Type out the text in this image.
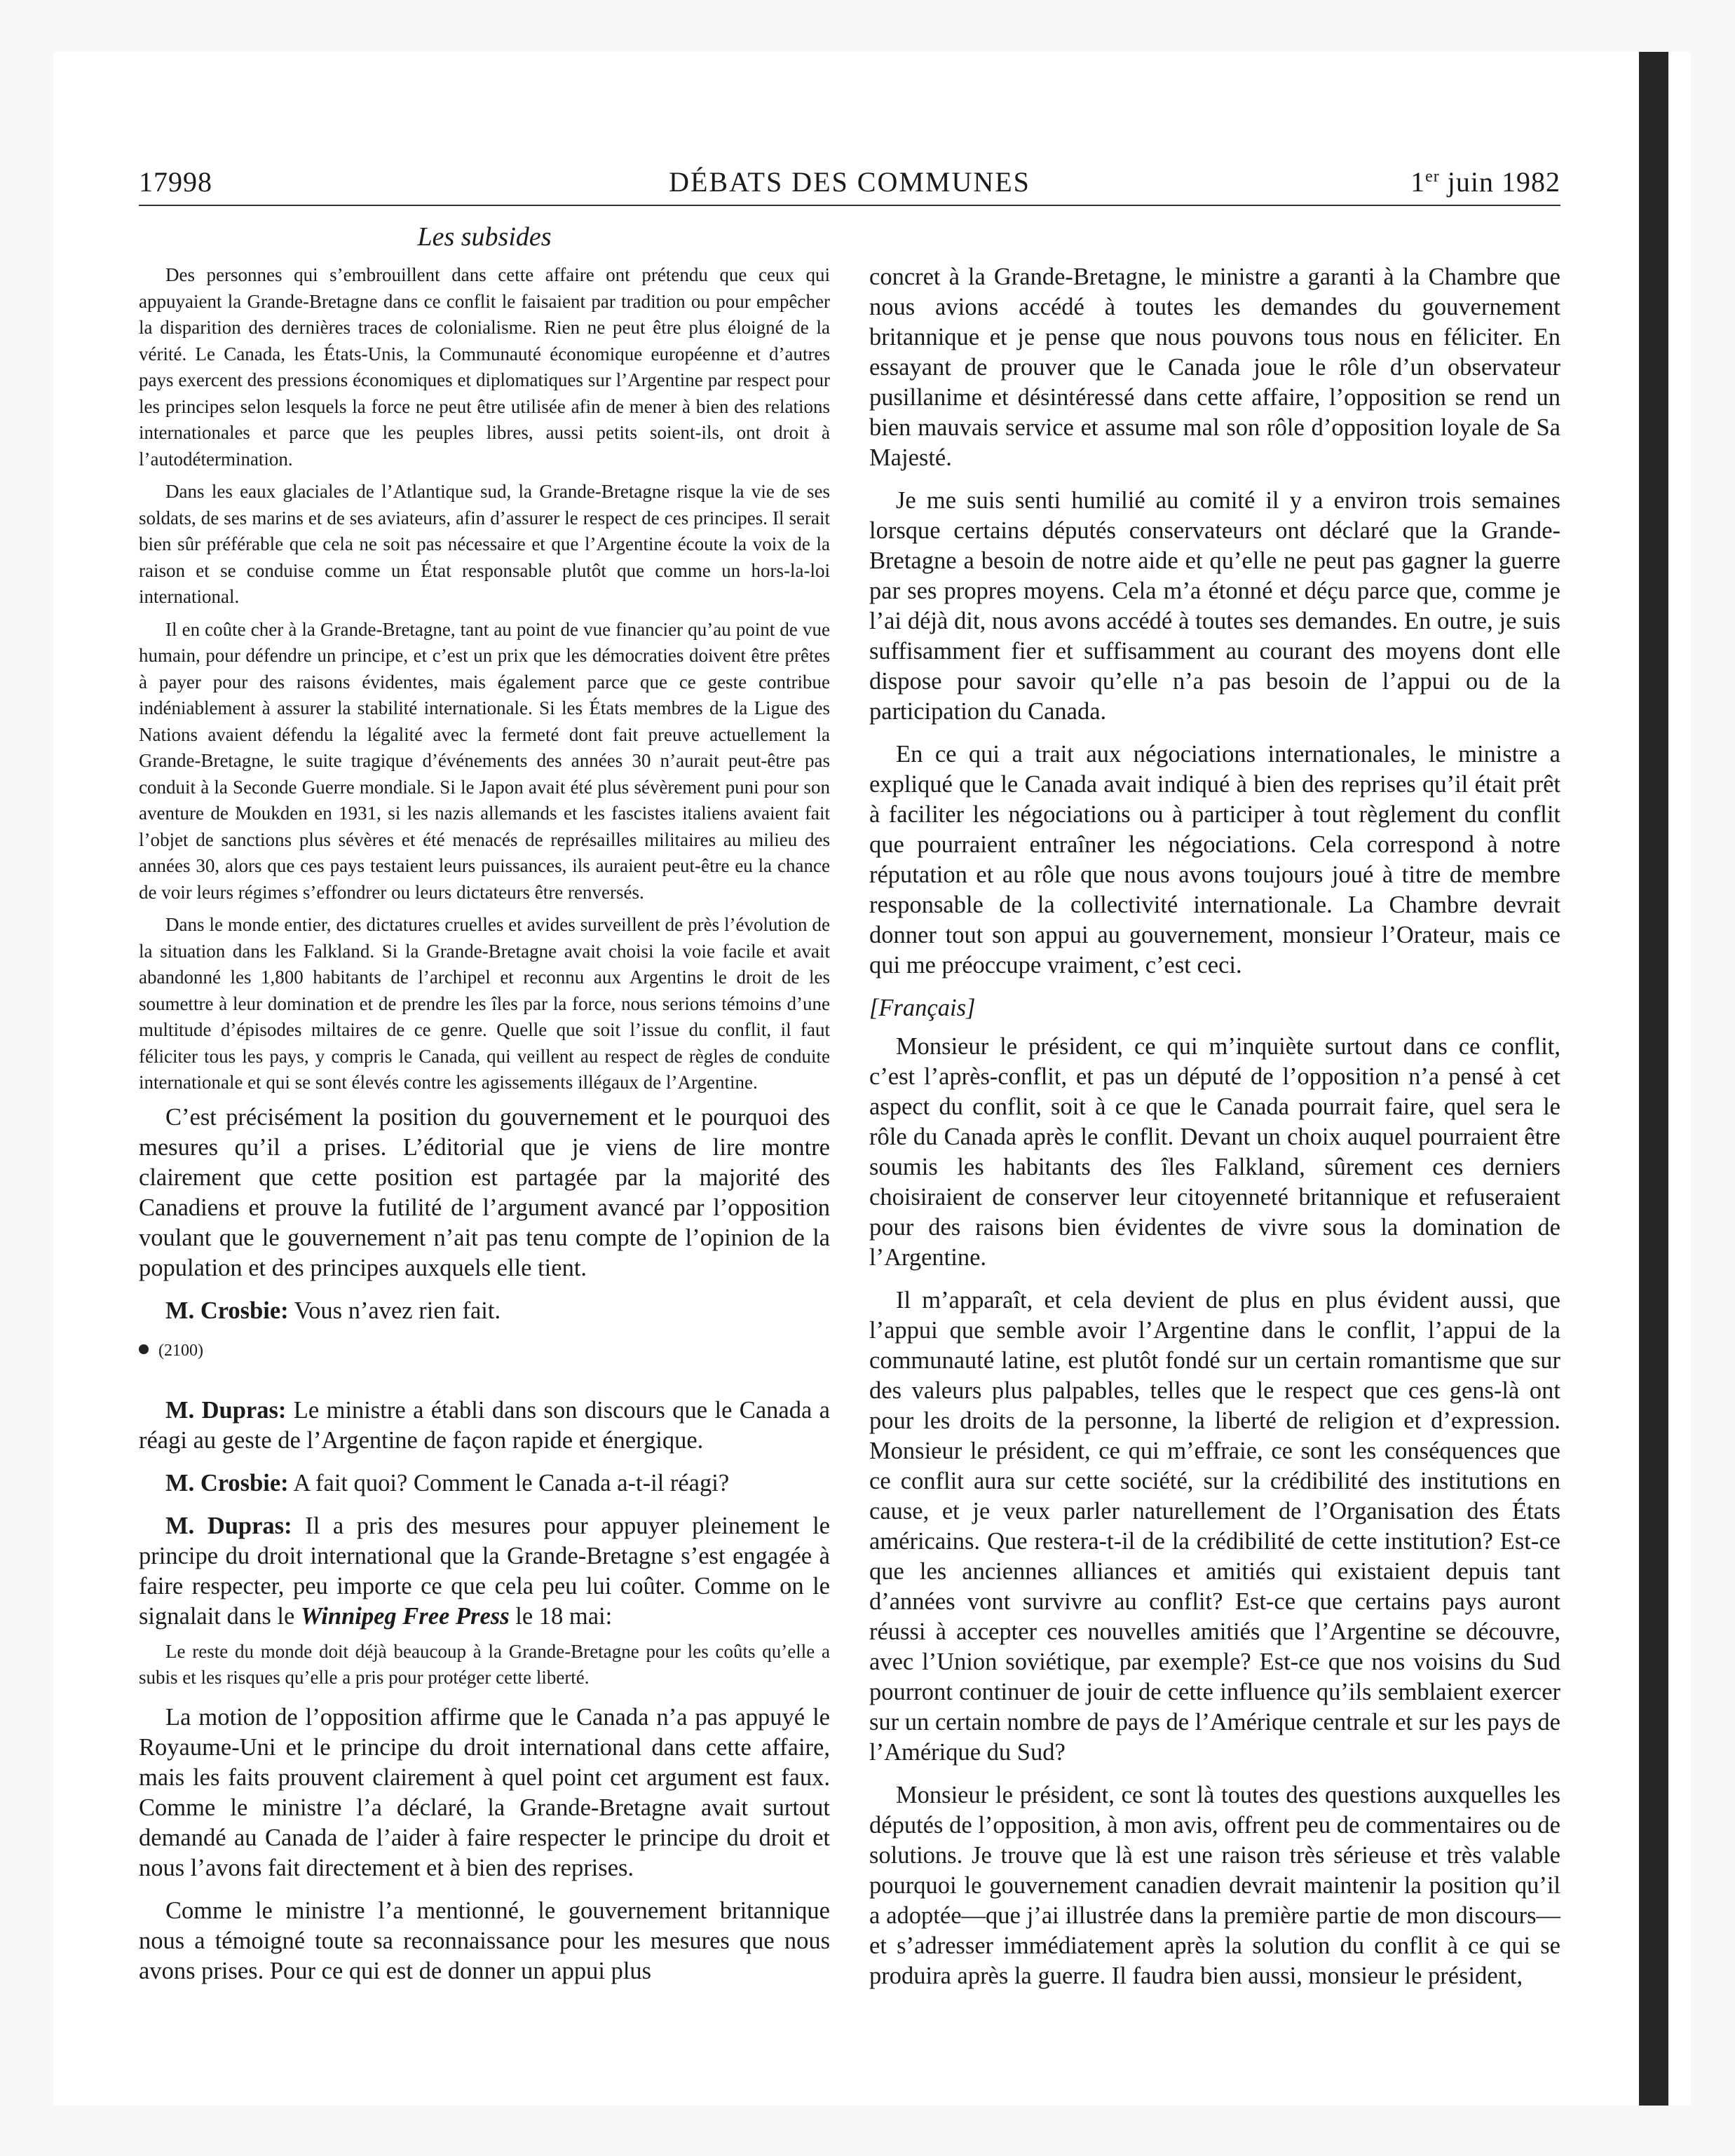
17998	DÉBATS DES COMMUNES	1er juin 1982
Les subsides

Des personnes qui s’embrouillent dans cette affaire ont prétendu que ceux qui appuyaient la Grande-Bretagne dans ce conflit le faisaient par tradition ou pour empêcher la disparition des dernières traces de colonialisme. Rien ne peut être plus éloigné de la vérité. Le Canada, les États-Unis, la Communauté économique européenne et d’autres pays exercent des pressions économiques et diplomatiques sur l’Argentine par respect pour les principes selon lesquels la force ne peut être utilisée afin de mener à bien des relations internationales et parce que les peuples libres, aussi petits soient-ils, ont droit à l’autodétermination.

Dans les eaux glaciales de l’Atlantique sud, la Grande-Bretagne risque la vie de ses soldats, de ses marins et de ses aviateurs, afin d’assurer le respect de ces principes. Il serait bien sûr préférable que cela ne soit pas nécessaire et que l’Argentine écoute la voix de la raison et se conduise comme un État responsable plutôt que comme un hors-la-loi international.

Il en coûte cher à la Grande-Bretagne, tant au point de vue financier qu’au point de vue humain, pour défendre un principe, et c’est un prix que les démocraties doivent être prêtes à payer pour des raisons évidentes, mais également parce que ce geste contribue indéniablement à assurer la stabilité internationale. Si les États membres de la Ligue des Nations avaient défendu la légalité avec la fermeté dont fait preuve actuellement la Grande-Bretagne, le suite tragique d’événements des années 30 n’aurait peut-être pas conduit à la Seconde Guerre mondiale. Si le Japon avait été plus sévèrement puni pour son aventure de Moukden en 1931, si les nazis allemands et les fascistes italiens avaient fait l’objet de sanctions plus sévères et été menacés de représailles militaires au milieu des années 30, alors que ces pays testaient leurs puissances, ils auraient peut-être eu la chance de voir leurs régimes s’effondrer ou leurs dictateurs être renversés.

Dans le monde entier, des dictatures cruelles et avides surveillent de près l’évolution de la situation dans les Falkland. Si la Grande-Bretagne avait choisi la voie facile et avait abandonné les 1,800 habitants de l’archipel et reconnu aux Argentins le droit de les soumettre à leur domination et de prendre les îles par la force, nous serions témoins d’une multitude d’épisodes miltaires de ce genre. Quelle que soit l’issue du conflit, il faut féliciter tous les pays, y compris le Canada, qui veillent au respect de règles de conduite internationale et qui se sont élevés contre les agissements illégaux de l’Argentine.

C’est précisément la position du gouvernement et le pourquoi des mesures qu’il a prises. L’éditorial que je viens de lire montre clairement que cette position est partagée par la majorité des Canadiens et prouve la futilité de l’argument avancé par l’opposition voulant que le gouvernement n’ait pas tenu compte de l’opinion de la population et des principes auxquels elle tient.

M. Crosbie: Vous n’avez rien fait.

(2100)

M. Dupras: Le ministre a établi dans son discours que le Canada a réagi au geste de l’Argentine de façon rapide et énergique.

M. Crosbie: A fait quoi? Comment le Canada a-t-il réagi?

M. Dupras: Il a pris des mesures pour appuyer pleinement le principe du droit international que la Grande-Bretagne s’est engagée à faire respecter, peu importe ce que cela peu lui coûter. Comme on le signalait dans le Winnipeg Free Press le 18 mai:

Le reste du monde doit déjà beaucoup à la Grande-Bretagne pour les coûts qu’elle a subis et les risques qu’elle a pris pour protéger cette liberté.

La motion de l’opposition affirme que le Canada n’a pas appuyé le Royaume-Uni et le principe du droit international dans cette affaire, mais les faits prouvent clairement à quel point cet argument est faux. Comme le ministre l’a déclaré, la Grande-Bretagne avait surtout demandé au Canada de l’aider à faire respecter le principe du droit et nous l’avons fait directement et à bien des reprises.

Comme le ministre l’a mentionné, le gouvernement britannique nous a témoigné toute sa reconnaissance pour les mesures que nous avons prises. Pour ce qui est de donner un appui plus

concret à la Grande-Bretagne, le ministre a garanti à la Chambre que nous avions accédé à toutes les demandes du gouvernement britannique et je pense que nous pouvons tous nous en féliciter. En essayant de prouver que le Canada joue le rôle d’un observateur pusillanime et désintéressé dans cette affaire, l’opposition se rend un bien mauvais service et assume mal son rôle d’opposition loyale de Sa Majesté.

Je me suis senti humilié au comité il y a environ trois semaines lorsque certains députés conservateurs ont déclaré que la Grande-Bretagne a besoin de notre aide et qu’elle ne peut pas gagner la guerre par ses propres moyens. Cela m’a étonné et déçu parce que, comme je l’ai déjà dit, nous avons accédé à toutes ses demandes. En outre, je suis suffisamment fier et suffisamment au courant des moyens dont elle dispose pour savoir qu’elle n’a pas besoin de l’appui ou de la participation du Canada.

En ce qui a trait aux négociations internationales, le ministre a expliqué que le Canada avait indiqué à bien des reprises qu’il était prêt à faciliter les négociations ou à participer à tout règlement du conflit que pourraient entraîner les négociations. Cela correspond à notre réputation et au rôle que nous avons toujours joué à titre de membre responsable de la collectivité internationale. La Chambre devrait donner tout son appui au gouvernement, monsieur l’Orateur, mais ce qui me préoccupe vraiment, c’est ceci.

[Français]

Monsieur le président, ce qui m’inquiète surtout dans ce conflit, c’est l’après-conflit, et pas un député de l’opposition n’a pensé à cet aspect du conflit, soit à ce que le Canada pourrait faire, quel sera le rôle du Canada après le conflit. Devant un choix auquel pourraient être soumis les habitants des îles Falkland, sûrement ces derniers choisiraient de conserver leur citoyenneté britannique et refuseraient pour des raisons bien évidentes de vivre sous la domination de l’Argentine.

Il m’apparaît, et cela devient de plus en plus évident aussi, que l’appui que semble avoir l’Argentine dans le conflit, l’appui de la communauté latine, est plutôt fondé sur un certain romantisme que sur des valeurs plus palpables, telles que le respect que ces gens-là ont pour les droits de la personne, la liberté de religion et d’expression. Monsieur le président, ce qui m’effraie, ce sont les conséquences que ce conflit aura sur cette société, sur la crédibilité des institutions en cause, et je veux parler naturellement de l’Organisation des États américains. Que restera-t-il de la crédibilité de cette institution? Est-ce que les anciennes alliances et amitiés qui existaient depuis tant d’années vont survivre au conflit? Est-ce que certains pays auront réussi à accepter ces nouvelles amitiés que l’Argentine se découvre, avec l’Union soviétique, par exemple? Est-ce que nos voisins du Sud pourront continuer de jouir de cette influence qu’ils semblaient exercer sur un certain nombre de pays de l’Amérique centrale et sur les pays de l’Amérique du Sud?

Monsieur le président, ce sont là toutes des questions auxquelles les députés de l’opposition, à mon avis, offrent peu de commentaires ou de solutions. Je trouve que là est une raison très sérieuse et très valable pourquoi le gouvernement canadien devrait maintenir la position qu’il a adoptée—que j’ai illustrée dans la première partie de mon discours—et s’adresser immédiatement après la solution du conflit à ce qui se produira après la guerre. Il faudra bien aussi, monsieur le président,
